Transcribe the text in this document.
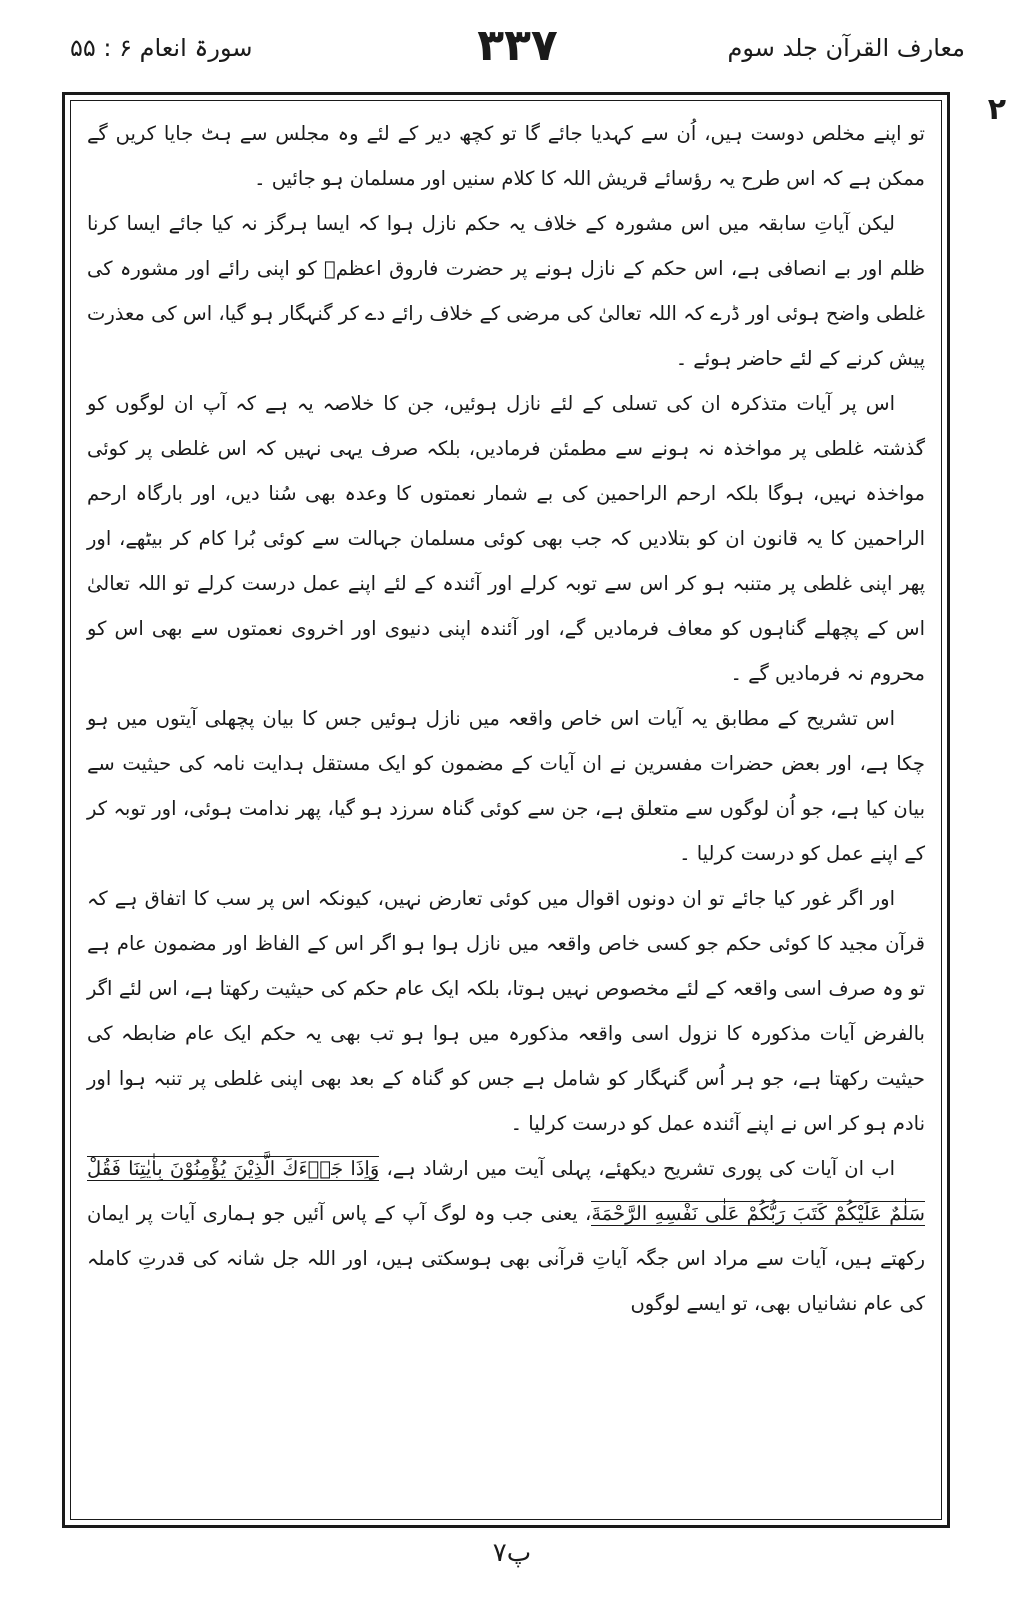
معارف القرآن جلد سوم
۳۳۷
سورۃ انعام ۶ : ۵۵
۲

تو اپنے مخلص دوست ہیں، اُن سے کہدیا جائے گا تو کچھ دیر کے لئے وہ مجلس سے ہٹ جایا کریں گے ممکن ہے کہ اس طرح یہ رؤسائے قریش اللہ کا کلام سنیں اور مسلمان ہو جائیں ۔

لیکن آیاتِ سابقہ میں اس مشورہ کے خلاف یہ حکم نازل ہوا کہ ایسا ہرگز نہ کیا جائے ایسا کرنا ظلم اور بے انصافی ہے، اس حکم کے نازل ہونے پر حضرت فاروق اعظمؓ کو اپنی رائے اور مشورہ کی غلطی واضح ہوئی اور ڈرے کہ اللہ تعالیٰ کی مرضی کے خلاف رائے دے کر گنہگار ہو گیا، اس کی معذرت پیش کرنے کے لئے حاضر ہوئے ۔

اس پر آیات متذکرہ ان کی تسلی کے لئے نازل ہوئیں، جن کا خلاصہ یہ ہے کہ آپ ان لوگوں کو گذشتہ غلطی پر مواخذہ نہ ہونے سے مطمئن فرمادیں، بلکہ صرف یہی نہیں کہ اس غلطی پر کوئی مواخذہ نہیں، ہوگا بلکہ ارحم الراحمین کی بے شمار نعمتوں کا وعدہ بھی سُنا دیں، اور بارگاہ ارحم الراحمین کا یہ قانون ان کو بتلادیں کہ جب بھی کوئی مسلمان جہالت سے کوئی بُرا کام کر بیٹھے، اور پھر اپنی غلطی پر متنبہ ہو کر اس سے توبہ کرلے اور آئندہ کے لئے اپنے عمل درست کرلے تو اللہ تعالیٰ اس کے پچھلے گناہوں کو معاف فرمادیں گے، اور آئندہ اپنی دنیوی اور اخروی نعمتوں سے بھی اس کو محروم نہ فرمادیں گے ۔

اس تشریح کے مطابق یہ آیات اس خاص واقعہ میں نازل ہوئیں جس کا بیان پچھلی آیتوں میں ہو چکا ہے، اور بعض حضرات مفسرین نے ان آیات کے مضمون کو ایک مستقل ہدایت نامہ کی حیثیت سے بیان کیا ہے، جو اُن لوگوں سے متعلق ہے، جن سے کوئی گناہ سرزد ہو گیا، پھر ندامت ہوئی، اور توبہ کر کے اپنے عمل کو درست کرلیا ۔

اور اگر غور کیا جائے تو ان دونوں اقوال میں کوئی تعارض نہیں، کیونکہ اس پر سب کا اتفاق ہے کہ قرآن مجید کا کوئی حکم جو کسی خاص واقعہ میں نازل ہوا ہو اگر اس کے الفاظ اور مضمون عام ہے تو وہ صرف اسی واقعہ کے لئے مخصوص نہیں ہوتا، بلکہ ایک عام حکم کی حیثیت رکھتا ہے، اس لئے اگر بالفرض آیات مذکورہ کا نزول اسی واقعہ مذکورہ میں ہوا ہو تب بھی یہ حکم ایک عام ضابطہ کی حیثیت رکھتا ہے، جو ہر اُس گنہگار کو شامل ہے جس کو گناہ کے بعد بھی اپنی غلطی پر تنبہ ہوا اور نادم ہو کر اس نے اپنے آئندہ عمل کو درست کرلیا ۔

اب ان آیات کی پوری تشریح دیکھئے، پہلی آیت میں ارشاد ہے، وَاِذَا جَاۤءَكَ الَّذِیْنَ یُؤْمِنُوْنَ بِاٰیٰتِنَا فَقُلْ سَلٰمٌ عَلَیْكُمْ كَتَبَ رَبُّكُمْ عَلٰی نَفْسِهِ الرَّحْمَةَ، یعنی جب وہ لوگ آپ کے پاس آئیں جو ہماری آیات پر ایمان رکھتے ہیں، آیات سے مراد اس جگہ آیاتِ قرآنی بھی ہوسکتی ہیں، اور اللہ جل شانہ کی قدرتِ کاملہ کی عام نشانیاں بھی، تو ایسے لوگوں

پ۷
